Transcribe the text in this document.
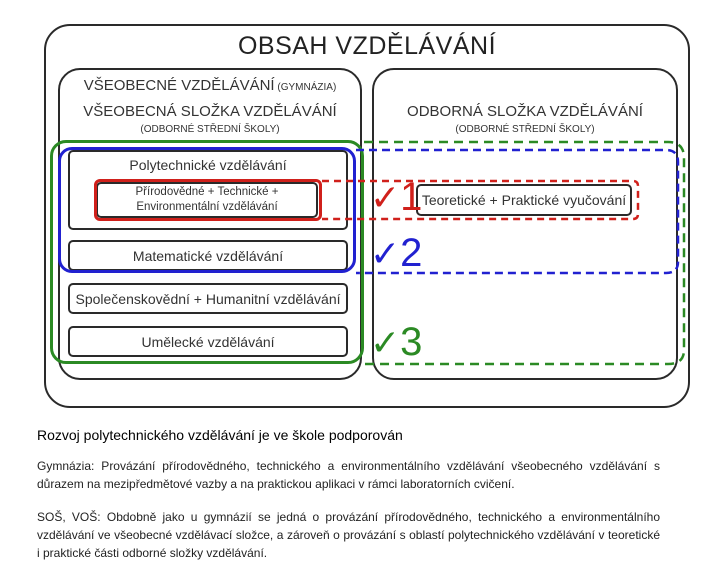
OBSAH VZDĚLÁVÁNÍ
VŠEOBECNÉ VZDĚLÁVÁNÍ (GYMNÁZIA)
VŠEOBECNÁ SLOŽKA VZDĚLÁVÁNÍ
(ODBORNÉ STŘEDNÍ ŠKOLY)
ODBORNÁ SLOŽKA VZDĚLÁVÁNÍ
(ODBORNÉ STŘEDNÍ ŠKOLY)
Polytechnické vzdělávání
Přírodovědné + Technické +
Environmentální vzdělávání
Matematické vzdělávání
Společenskovědní + Humanitní vzdělávání
Umělecké vzdělávání
Teoretické + Praktické vyučování
✓1
✓2
✓3
Rozvoj polytechnického vzdělávání je ve škole podporován
Gymnázia: Provázání přírodovědného, technického a environmentálního vzdělávání všeobecného vzdělávání s důrazem na mezipředmětové vazby a na praktickou aplikaci v rámci laboratorních cvičení.
SOŠ, VOŠ: Obdobně jako u gymnázií se jedná o provázání přírodovědného, technického a environmentálního vzdělávání ve všeobecné vzdělávací složce, a zároveň o provázání s oblastí polytechnického vzdělávání v teoretické i praktické části odborné složky vzdělávání.
